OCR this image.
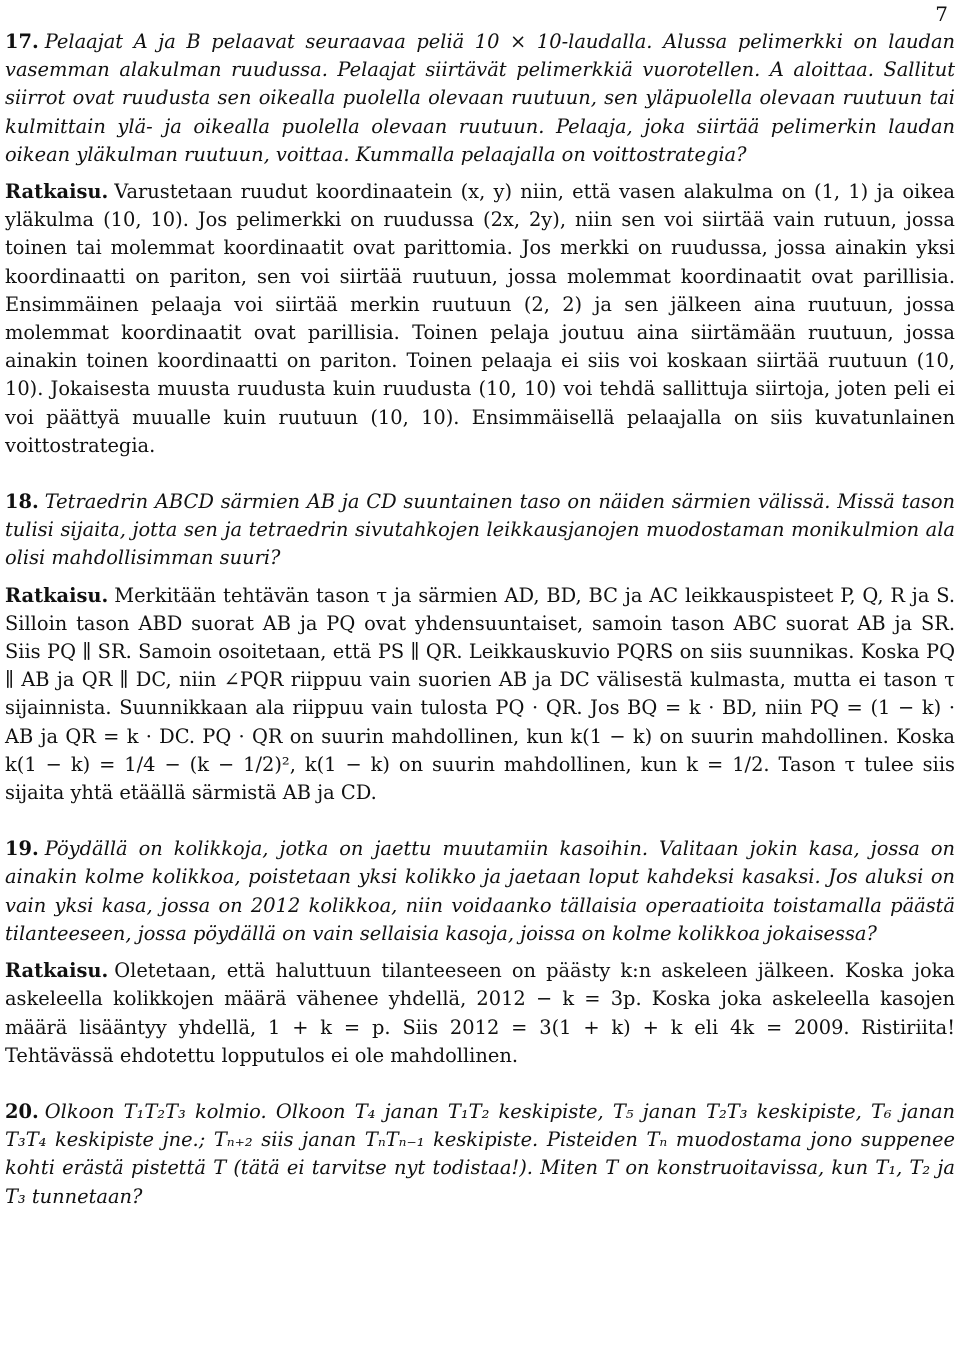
7

17. Pelaajat A ja B pelaavat seuraavaa peliä 10 × 10-laudalla. Alussa pelimerkki on laudan vasemman alakulman ruudussa. Pelaajat siirtävät pelimerkkiä vuorotellen. A aloittaa. Sallitut siirrot ovat ruudusta sen oikealla puolella olevaan ruutuun, sen yläpuolella olevaan ruutuun tai kulmittain ylä- ja oikealla puolella olevaan ruutuun. Pelaaja, joka siirtää pelimerkin laudan oikean yläkulman ruutuun, voittaa. Kummalla pelaajalla on voittostrategia?

Ratkaisu. Varustetaan ruudut koordinaatein (x, y) niin, että vasen alakulma on (1, 1) ja oikea yläkulma (10, 10). Jos pelimerkki on ruudussa (2x, 2y), niin sen voi siirtää vain rutuun, jossa toinen tai molemmat koordinaatit ovat parittomia. Jos merkki on ruudussa, jossa ainakin yksi koordinaatti on pariton, sen voi siirtää ruutuun, jossa molemmat koordinaatit ovat parillisia. Ensimmäinen pelaaja voi siirtää merkin ruutuun (2, 2) ja sen jälkeen aina ruutuun, jossa molemmat koordinaatit ovat parillisia. Toinen pelaja joutuu aina siirtämään ruutuun, jossa ainakin toinen koordinaatti on pariton. Toinen pelaaja ei siis voi koskaan siirtää ruutuun (10, 10). Jokaisesta muusta ruudusta kuin ruudusta (10, 10) voi tehdä sallittuja siirtoja, joten peli ei voi päättyä muualle kuin ruutuun (10, 10). Ensimmäisellä pelaajalla on siis kuvatunlainen voittostrategia.

18. Tetraedrin ABCD särmien AB ja CD suuntainen taso on näiden särmien välissä. Missä tason tulisi sijaita, jotta sen ja tetraedrin sivutahkojen leikkausjanojen muodostaman monikulmion ala olisi mahdollisimman suuri?

Ratkaisu. Merkitään tehtävän tason τ ja särmien AD, BD, BC ja AC leikkauspisteet P, Q, R ja S. Silloin tason ABD suorat AB ja PQ ovat yhdensuuntaiset, samoin tason ABC suorat AB ja SR. Siis PQ ∥ SR. Samoin osoitetaan, että PS ∥ QR. Leikkauskuvio PQRS on siis suunnikas. Koska PQ ∥ AB ja QR ∥ DC, niin ∠PQR riippuu vain suorien AB ja DC välisestä kulmasta, mutta ei tason τ sijainnista. Suunnikkaan ala riippuu vain tulosta PQ · QR. Jos BQ = k · BD, niin PQ = (1 − k) · AB ja QR = k · DC. PQ · QR on suurin mahdollinen, kun k(1 − k) on suurin mahdollinen. Koska k(1 − k) = 1/4 − (k − 1/2)², k(1 − k) on suurin mahdollinen, kun k = 1/2. Tason τ tulee siis sijaita yhtä etäällä särmistä AB ja CD.

19. Pöydällä on kolikkoja, jotka on jaettu muutamiin kasoihin. Valitaan jokin kasa, jossa on ainakin kolme kolikkoa, poistetaan yksi kolikko ja jaetaan loput kahdeksi kasaksi. Jos aluksi on vain yksi kasa, jossa on 2012 kolikkoa, niin voidaanko tällaisia operaatioita toistamalla päästä tilanteeseen, jossa pöydällä on vain sellaisia kasoja, joissa on kolme kolikkoa jokaisessa?

Ratkaisu. Oletetaan, että haluttuun tilanteeseen on päästy k:n askeleen jälkeen. Koska joka askeleella kolikkojen määrä vähenee yhdellä, 2012 − k = 3p. Koska joka askeleella kasojen määrä lisääntyy yhdellä, 1 + k = p. Siis 2012 = 3(1 + k) + k eli 4k = 2009. Ristiriita! Tehtävässä ehdotettu lopputulos ei ole mahdollinen.

20. Olkoon T₁T₂T₃ kolmio. Olkoon T₄ janan T₁T₂ keskipiste, T₅ janan T₂T₃ keskipiste, T₆ janan T₃T₄ keskipiste jne.; Tₙ₊₂ siis janan TₙTₙ₋₁ keskipiste. Pisteiden Tₙ muodostama jono suppenee kohti erästä pistettä T (tätä ei tarvitse nyt todistaa!). Miten T on konstruoitavissa, kun T₁, T₂ ja T₃ tunnetaan?
